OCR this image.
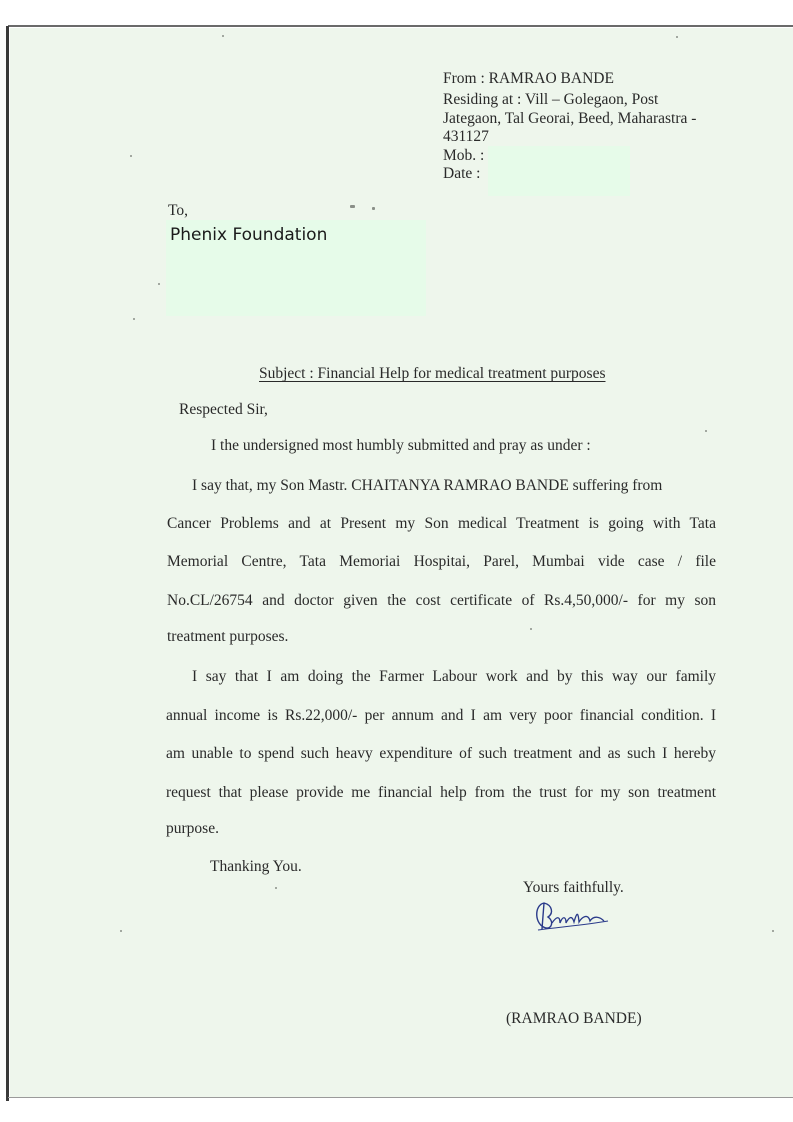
From : RAMRAO BANDE
Residing at : Vill – Golegaon, Post
Jategaon, Tal Georai, Beed, Maharastra -
431127
Mob. :
Date :
To,
Phenix Foundation
Subject : Financial Help for medical treatment purposes
Respected Sir,
I the undersigned most humbly submitted and pray as under :
I say that, my Son Mastr. CHAITANYA RAMRAO BANDE suffering from
Cancer Problems and at Present my Son medical Treatment is going with Tata
Memorial Centre, Tata Memoriai Hospitai, Parel, Mumbai vide case / file
No.CL/26754 and doctor given the cost certificate of Rs.4,50,000/- for my son
treatment purposes.
I say that I am doing the Farmer Labour work and by this way our family
annual income is Rs.22,000/- per annum and I am very poor financial condition. I
am unable to spend such heavy expenditure of such treatment and as such I hereby
request that please provide me financial help from the trust for my son treatment
purpose.
Thanking You.
Yours faithfully.
(RAMRAO BANDE)
